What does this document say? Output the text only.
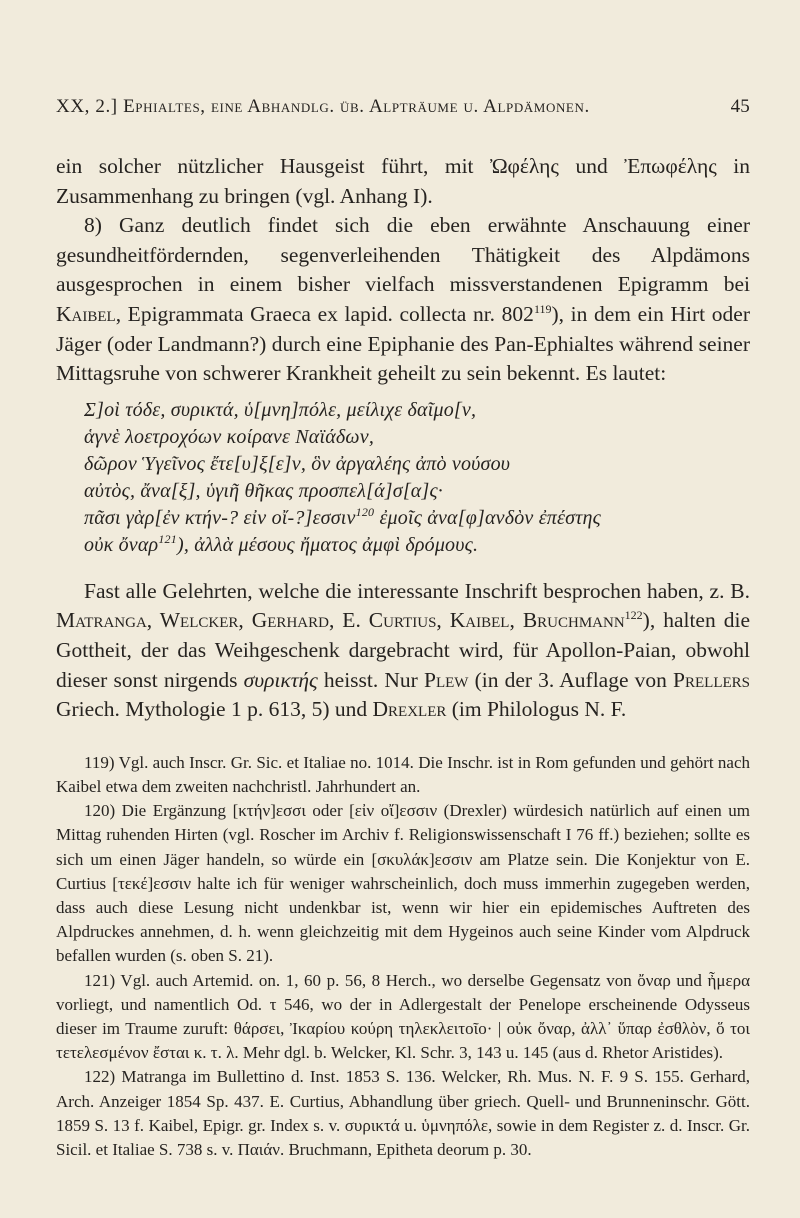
XX, 2.] Ephialtes, eine Abhandlg. üb. Alpträume u. Alpdämonen.	45

ein solcher nützlicher Hausgeist führt, mit Ὠφέλης und Ἐπωφέλης in Zusammenhang zu bringen (vgl. Anhang I).

8) Ganz deutlich findet sich die eben erwähnte Anschauung einer gesundheitfördernden, segenverleihenden Thätigkeit des Alpdämons ausgesprochen in einem bisher vielfach missverstandenen Epigramm bei Kaibel, Epigrammata Graeca ex lapid. collecta nr. $802^{119}$), in dem ein Hirt oder Jäger (oder Landmann?) durch eine Epiphanie des Pan-Ephialtes während seiner Mittagsruhe von schwerer Krankheit geheilt zu sein bekennt. Es lautet:

Σ]οὶ τόδε, συρικτά, ὑ[μνη]πόλε, μείλιχε δαῖμο[ν,
ἁγνὲ λοετροχόων κοίρανε Ναϊάδων,
δῶρον Ὑγεῖνος ἔτε[υ]ξ[ε]ν, ὃν ἀργαλέης ἀπὸ νούσου
αὐτὸς, ἄνα[ξ], ὑγιῆ θῆκας προσπελ[ά]σ[α]ς·
πᾶσι γὰρ[ἐν κτήν-? εἰν οἴ-?]εσσιν$^{120}$ ἐμοῖς ἀνα[φ]ανδὸν ἐπέστης
οὐκ ὄναρ$^{121}$), ἀλλὰ μέσους ἤματος ἀμφὶ δρόμους.

Fast alle Gelehrten, welche die interessante Inschrift besprochen haben, z. B. Matranga, Welcker, Gerhard, E. Curtius, Kaibel, Bruchmann$^{122}$), halten die Gottheit, der das Weihgeschenk dargebracht wird, für Apollon-Paian, obwohl dieser sonst nirgends συρικτής heisst. Nur Plew (in der 3. Auflage von Prellers Griech. Mythologie 1 p. 613, 5) und Drexler (im Philologus N. F.

119) Vgl. auch Inscr. Gr. Sic. et Italiae no. 1014. Die Inschr. ist in Rom gefunden und gehört nach Kaibel etwa dem zweiten nachchristl. Jahrhundert an.

120) Die Ergänzung [κτήν]εσσι oder [εἰν οἴ]εσσιν (Drexler) würdesich natürlich auf einen um Mittag ruhenden Hirten (vgl. Roscher im Archiv f. Religionswissenschaft I 76 ff.) beziehen; sollte es sich um einen Jäger handeln, so würde ein [σκυλάκ]εσσιν am Platze sein. Die Konjektur von E. Curtius [τεκέ]εσσιν halte ich für weniger wahrscheinlich, doch muss immerhin zugegeben werden, dass auch diese Lesung nicht undenkbar ist, wenn wir hier ein epidemisches Auftreten des Alpdruckes annehmen, d. h. wenn gleichzeitig mit dem Hygeinos auch seine Kinder vom Alpdruck befallen wurden (s. oben S. 21).

121) Vgl. auch Artemid. on. 1, 60 p. 56, 8 Herch., wo derselbe Gegensatz von ὄναρ und ἦμερα vorliegt, und namentlich Od. τ 546, wo der in Adlergestalt der Penelope erscheinende Odysseus dieser im Traume zuruft: θάρσει, Ἰκαρίου κούρη τηλεκλειτοῖο· | οὐκ ὄναρ, ἀλλ᾽ ὕπαρ ἐσθλὸν, ὅ τοι τετελεσμένον ἔσται κ. τ. λ. Mehr dgl. b. Welcker, Kl. Schr. 3, 143 u. 145 (aus d. Rhetor Aristides).

122) Matranga im Bullettino d. Inst. 1853 S. 136. Welcker, Rh. Mus. N. F. 9 S. 155. Gerhard, Arch. Anzeiger 1854 Sp. 437. E. Curtius, Abhandlung über griech. Quell- und Brunneninschr. Gött. 1859 S. 13 f. Kaibel, Epigr. gr. Index s. v. συρικτά u. ὑμνηπόλε, sowie in dem Register z. d. Inscr. Gr. Sicil. et Italiae S. 738 s. v. Παιάν. Bruchmann, Epitheta deorum p. 30.
